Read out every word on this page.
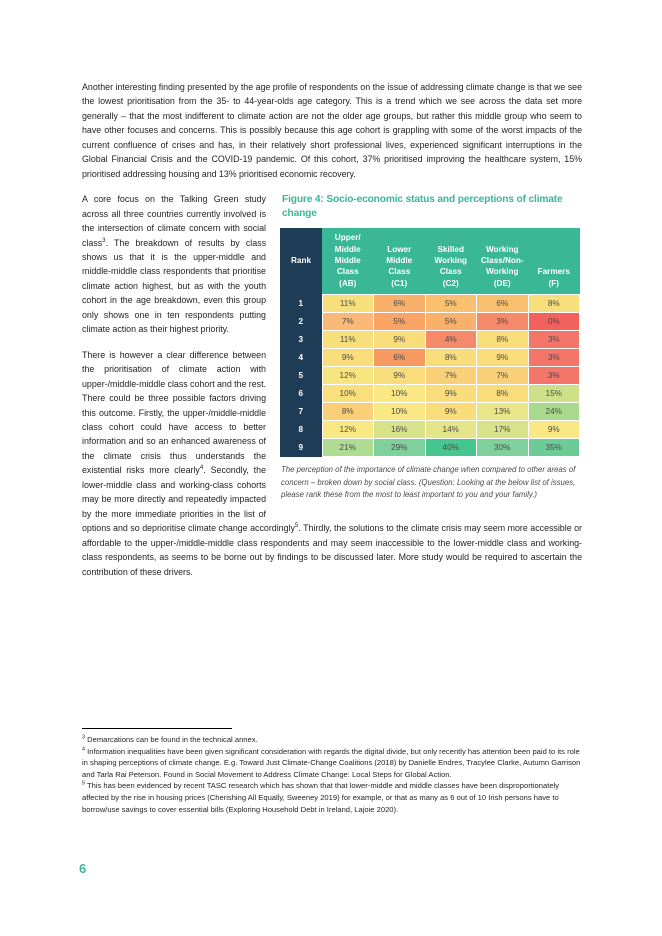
Another interesting finding presented by the age profile of respondents on the issue of addressing climate change is that we see the lowest prioritisation from the 35- to 44-year-olds age category. This is a trend which we see across the data set more generally – that the most indifferent to climate action are not the older age groups, but rather this middle group who seem to have other focuses and concerns. This is possibly because this age cohort is grappling with some of the worst impacts of the current confluence of crises and has, in their relatively short professional lives, experienced significant interruptions in the Global Financial Crisis and the COVID-19 pandemic. Of this cohort, 37% prioritised improving the healthcare system, 15% prioritised addressing housing and 13% prioritised economic recovery.

Figure 4: Socio-economic status and perceptions of climate change
Rank	Upper/
Middle
Middle
Class
(AB)	Lower
Middle
Class
(C1)	Skilled
Working
Class
(C2)	Working
Class/Non-
Working
(DE)	Farmers
(F)
1	11%	6%	5%	6%	8%
2	7%	5%	5%	3%	0%
3	11%	9%	4%	8%	3%
4	9%	6%	8%	9%	3%
5	12%	9%	7%	7%	3%
6	10%	10%	9%	8%	15%
7	8%	10%	9%	13%	24%
8	12%	16%	14%	17%	9%
9	21%	29%	40%	30%	35%
The perception of the importance of climate change when compared to other areas of concern – broken down by social class. (Question: Looking at the below list of issues, please rank these from the most to least important to you and your family.)

A core focus on the Talking Green study across all three countries currently involved is the intersection of climate concern with social class$^3$. The breakdown of results by class shows us that it is the upper-middle and middle-middle class respondents that prioritise climate action highest, but as with the youth cohort in the age breakdown, even this group only shows one in ten respondents putting climate action as their highest priority.

There is however a clear difference between the prioritisation of climate action with upper-/middle-middle class cohort and the rest. There could be three possible factors driving this outcome. Firstly, the upper-/middle-middle class cohort could have access to better information and so an enhanced awareness of the climate crisis thus understands the existential risks more clearly$^4$. Secondly, the lower-middle class and working-class cohorts may be more directly and repeatedly impacted by the more immediate priorities in the list of options and so deprioritise climate change accordingly$^5$. Thirdly, the solutions to the climate crisis may seem more accessible or affordable to the upper-/middle-middle class respondents and may seem inaccessible to the lower-middle class and working-class respondents, as seems to be borne out by findings to be discussed later. More study would be required to ascertain the contribution of these drivers.

$^3$ Demarcations can be found in the technical annex.

$^4$ Information inequalities have been given significant consideration with regards the digital divide, but only recently has attention been paid to its role in shaping perceptions of climate change. E.g. Toward Just Climate-Change Coalitions (2018) by Danielle Endres, Tracylee Clarke, Autumn Garrison and Tarla Rai Peterson. Found in Social Movement to Address Climate Change: Local Steps for Global Action.

$^5$ This has been evidenced by recent TASC research which has shown that that lower-middle and middle classes have been disproportionately affected by the rise in housing prices (Cherishing All Equally, Sweeney 2019) for example, or that as many as 6 out of 10 Irish persons have to borrow/use savings to cover essential bills (Exploring Household Debt in Ireland, Lajoie 2020).

6
